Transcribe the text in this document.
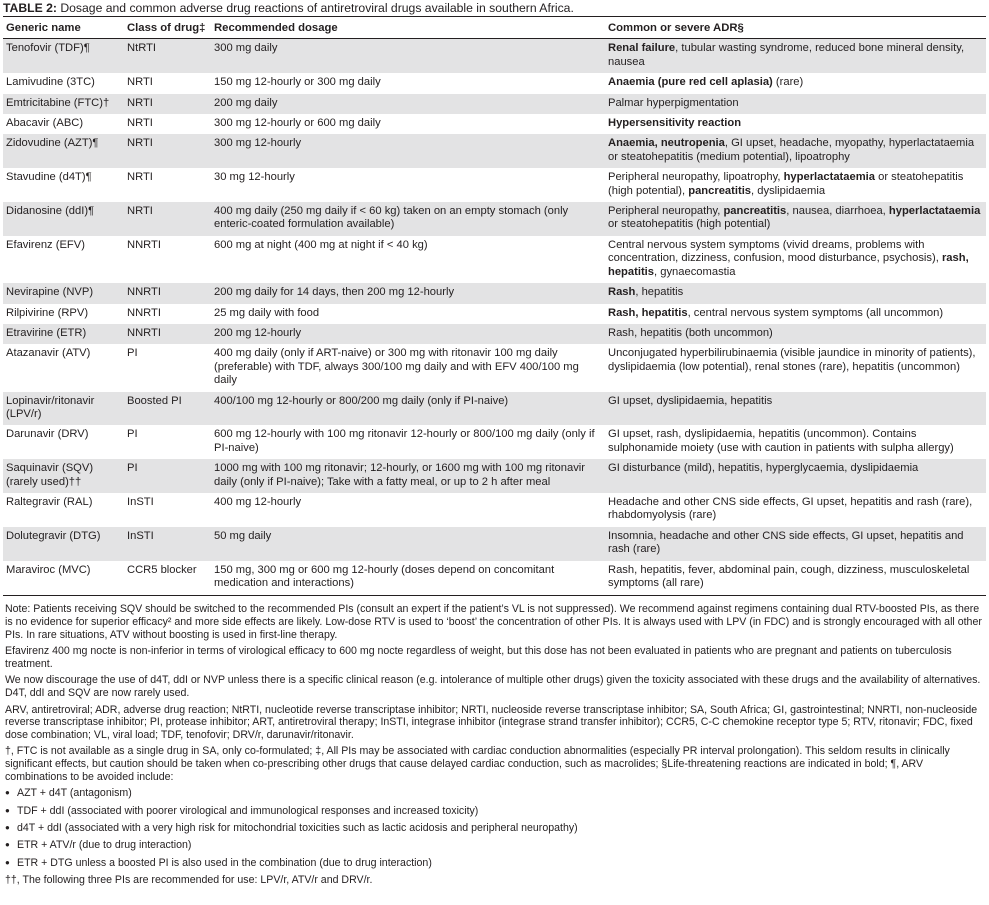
TABLE 2: Dosage and common adverse drug reactions of antiretroviral drugs available in southern Africa.
Generic name	Class of drug‡	Recommended dosage	Common or severe ADR§
Tenofovir (TDF)¶	NtRTI	300 mg daily	Renal failure, tubular wasting syndrome, reduced bone mineral density, nausea
Lamivudine (3TC)	NRTI	150 mg 12-hourly or 300 mg daily	Anaemia (pure red cell aplasia) (rare)
Emtricitabine (FTC)†	NRTI	200 mg daily	Palmar hyperpigmentation
Abacavir (ABC)	NRTI	300 mg 12-hourly or 600 mg daily	Hypersensitivity reaction
Zidovudine (AZT)¶	NRTI	300 mg 12-hourly	Anaemia, neutropenia, GI upset, headache, myopathy, hyperlactataemia or steatohepatitis (medium potential), lipoatrophy
Stavudine (d4T)¶	NRTI	30 mg 12-hourly	Peripheral neuropathy, lipoatrophy, hyperlactataemia or steatohepatitis (high potential), pancreatitis, dyslipidaemia
Didanosine (ddI)¶	NRTI	400 mg daily (250 mg daily if < 60 kg) taken on an empty stomach (only enteric-coated formulation available)	Peripheral neuropathy, pancreatitis, nausea, diarrhoea, hyperlactataemia or steatohepatitis (high potential)
Efavirenz (EFV)	NNRTI	600 mg at night (400 mg at night if < 40 kg)	Central nervous system symptoms (vivid dreams, problems with concentration, dizziness, confusion, mood disturbance, psychosis), rash, hepatitis, gynaecomastia
Nevirapine (NVP)	NNRTI	200 mg daily for 14 days, then 200 mg 12-hourly	Rash, hepatitis
Rilpivirine (RPV)	NNRTI	25 mg daily with food	Rash, hepatitis, central nervous system symptoms (all uncommon)
Etravirine (ETR)	NNRTI	200 mg 12-hourly	Rash, hepatitis (both uncommon)
Atazanavir (ATV)	PI	400 mg daily (only if ART-naive) or 300 mg with ritonavir 100 mg daily (preferable) with TDF, always 300/100 mg daily and with EFV 400/100 mg daily	Unconjugated hyperbilirubinaemia (visible jaundice in minority of patients), dyslipidaemia (low potential), renal stones (rare), hepatitis (uncommon)
Lopinavir/ritonavir (LPV/r)	Boosted PI	400/100 mg 12-hourly or 800/200 mg daily (only if PI-naive)	GI upset, dyslipidaemia, hepatitis
Darunavir (DRV)	PI	600 mg 12-hourly with 100 mg ritonavir 12-hourly or 800/100 mg daily (only if PI-naive)	GI upset, rash, dyslipidaemia, hepatitis (uncommon). Contains sulphonamide moiety (use with caution in patients with sulpha allergy)
Saquinavir (SQV) (rarely used)††	PI	1000 mg with 100 mg ritonavir; 12-hourly, or 1600 mg with 100 mg ritonavir daily (only if PI-naive); Take with a fatty meal, or up to 2 h after meal	GI disturbance (mild), hepatitis, hyperglycaemia, dyslipidaemia
Raltegravir (RAL)	InSTI	400 mg 12-hourly	Headache and other CNS side effects, GI upset, hepatitis and rash (rare), rhabdomyolysis (rare)
Dolutegravir (DTG)	InSTI	50 mg daily	Insomnia, headache and other CNS side effects, GI upset, hepatitis and rash (rare)
Maraviroc (MVC)	CCR5 blocker	150 mg, 300 mg or 600 mg 12-hourly (doses depend on concomitant medication and interactions)	Rash, hepatitis, fever, abdominal pain, cough, dizziness, musculoskeletal symptoms (all rare)

Note: Patients receiving SQV should be switched to the recommended PIs (consult an expert if the patient’s VL is not suppressed). We recommend against regimens containing dual RTV-boosted PIs, as there is no evidence for superior efficacy² and more side effects are likely. Low-dose RTV is used to ‘boost’ the concentration of other PIs. It is always used with LPV (in FDC) and is strongly encouraged with all other PIs. In rare situations, ATV without boosting is used in first-line therapy.

Efavirenz 400 mg nocte is non-inferior in terms of virological efficacy to 600 mg nocte regardless of weight, but this dose has not been evaluated in patients who are pregnant and patients on tuberculosis treatment.

We now discourage the use of d4T, ddI or NVP unless there is a specific clinical reason (e.g. intolerance of multiple other drugs) given the toxicity associated with these drugs and the availability of alternatives. D4T, ddI and SQV are now rarely used.

ARV, antiretroviral; ADR, adverse drug reaction; NtRTI, nucleotide reverse transcriptase inhibitor; NRTI, nucleoside reverse transcriptase inhibitor; SA, South Africa; GI, gastrointestinal; NNRTI, non-nucleoside reverse transcriptase inhibitor; PI, protease inhibitor; ART, antiretroviral therapy; InSTI, integrase inhibitor (integrase strand transfer inhibitor); CCR5, C-C chemokine receptor type 5; RTV, ritonavir; FDC, fixed dose combination; VL, viral load; TDF, tenofovir; DRV/r, darunavir/ritonavir.

†, FTC is not available as a single drug in SA, only co-formulated; ‡, All PIs may be associated with cardiac conduction abnormalities (especially PR interval prolongation). This seldom results in clinically significant effects, but caution should be taken when co-prescribing other drugs that cause delayed cardiac conduction, such as macrolides; §Life-threatening reactions are indicated in bold; ¶, ARV combinations to be avoided include:

● AZT + d4T (antagonism)
● TDF + ddI (associated with poorer virological and immunological responses and increased toxicity)
● d4T + ddI (associated with a very high risk for mitochondrial toxicities such as lactic acidosis and peripheral neuropathy)
● ETR + ATV/r (due to drug interaction)
● ETR + DTG unless a boosted PI is also used in the combination (due to drug interaction)

††, The following three PIs are recommended for use: LPV/r, ATV/r and DRV/r.
